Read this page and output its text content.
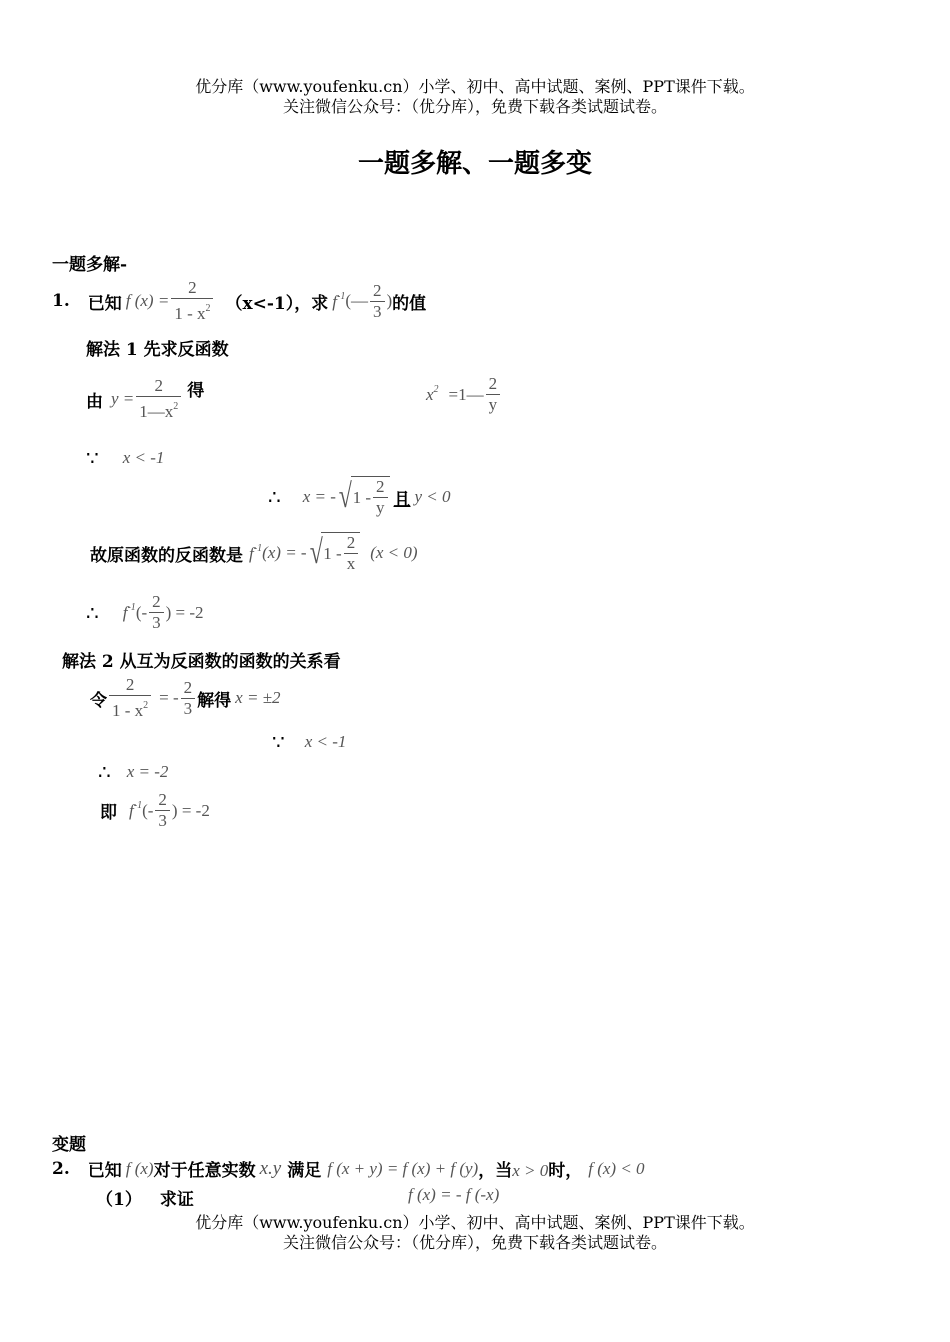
优分库（www.youfenku.cn）小学、初中、高中试题、案例、PPT课件下载。
关注微信公众号：（优分库），免费下载各类试题试卷。
一题多解、一题多变
一题多解-
1. 已知 f $(x) = \frac{2}{1 - x^2} (x<-1)$，求 $f^{-1}$ (— $\frac{2}{3}$ ) 的值
解法 1 先求反函数
由 $y = \frac{2}{1—x^2}$ 得	$x^2$ =1— $\frac{2}{y}$
∵ x < -1
∴ x = - √ $1 - \frac{2}{y}$ 且 y < 0
故原函数的反函数是 $f^{-1}$ (x) = - √ $1 - \frac{2}{x} (x < 0)$
∴ $f^{-1}$ (- $\frac{2}{3}$ ) = -2
解法 2 从互为反函数的函数的关系看
令 $\frac{2}{1 - x^2}$ = - $\frac{2}{3}$ 解得 x = ±2
∵ x < -1
∴ x = -2
即 $f^{-1}$ (- $\frac{2}{3}$ ) = -2
变题
2. 已知 f (x) 对于任意实数 x.y 满足 f (x + y) = f (x) + f (y) ，当 x > 0 时， f (x) < 0
（1） 求证	f (x) = - f (-x)
优分库（www.youfenku.cn）小学、初中、高中试题、案例、PPT课件下载。
关注微信公众号：（优分库），免费下载各类试题试卷。
